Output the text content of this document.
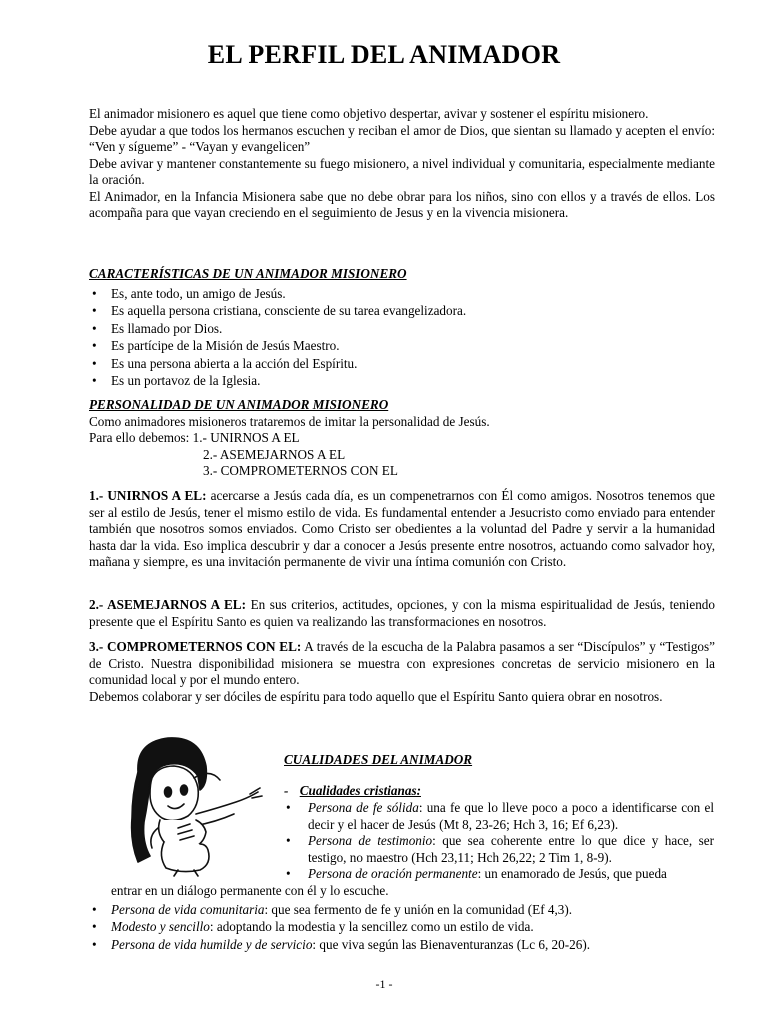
EL PERFIL DEL ANIMADOR

El animador misionero es aquel que tiene como objetivo despertar, avivar y sostener el espíritu misionero.

Debe ayudar a que todos los hermanos escuchen y reciban el amor de Dios, que sientan su llamado y acepten el envío: “Ven y sígueme” - “Vayan y evangelicen”

Debe avivar y mantener constantemente su fuego misionero, a nivel individual y comunitaria, especialmente mediante la oración.

El Animador, en la Infancia Misionera sabe que no debe obrar para los niños, sino con ellos y a través de ellos. Los acompaña para que vayan creciendo en el seguimiento de Jesus y en la vivencia misionera.

CARACTERÍSTICAS DE UN ANIMADOR MISIONERO
• Es, ante todo, un amigo de Jesús.
• Es aquella persona cristiana, consciente de su tarea evangelizadora.
• Es llamado por Dios.
• Es partícipe de la Misión de Jesús Maestro.
• Es una persona abierta a la acción del Espíritu.
• Es un portavoz de la Iglesia.
PERSONALIDAD DE UN ANIMADOR MISIONERO
Como animadores misioneros trataremos de imitar la personalidad de Jesús.
Para ello debemos: 1.- UNIRNOS A EL
2.- ASEMEJARNOS A EL
3.- COMPROMETERNOS CON EL

1.- UNIRNOS A EL: acercarse a Jesús cada día, es un compenetrarnos con Él como amigos. Nosotros tenemos que ser al estilo de Jesús, tener el mismo estilo de vida. Es fundamental entender a Jesucristo como enviado para entender también que nosotros somos enviados. Como Cristo ser obedientes a la voluntad del Padre y servir a la humanidad hasta dar la vida. Eso implica descubrir y dar a conocer a Jesús presente entre nosotros, actuando como salvador hoy, mañana y siempre, es una invitación permanente de vivir una íntima comunión con Cristo.

2.- ASEMEJARNOS A EL: En sus criterios, actitudes, opciones, y con la misma espiritualidad de Jesús, teniendo presente que el Espíritu Santo es quien va realizando las transformaciones en nosotros.

3.- COMPROMETERNOS CON EL: A través de la escucha de la Palabra pasamos a ser “Discípulos” y “Testigos” de Cristo. Nuestra disponibilidad misionera se muestra con expresiones concretas de servicio misionero en la comunidad local y por el mundo entero.

Debemos colaborar y ser dóciles de espíritu para todo aquello que el Espíritu Santo quiera obrar en nosotros.

CUALIDADES DEL ANIMADOR
- Cualidades cristianas:
• Persona de fe sólida: una fe que lo lleve poco a poco a identificarse con el decir y el hacer de Jesús (Mt 8, 23-26; Hch 3, 16; Ef 6,23).
• Persona de testimonio: que sea coherente entre lo que dice y hace, ser testigo, no maestro (Hch 23,11; Hch 26,22; 2 Tim 1, 8-9).
• Persona de oración permanente: un enamorado de Jesús, que pueda
entrar en un diálogo permanente con él y lo escuche.
• Persona de vida comunitaria: que sea fermento de fe y unión en la comunidad (Ef 4,3).
• Modesto y sencillo: adoptando la modestia y la sencillez como un estilo de vida.
• Persona de vida humilde y de servicio: que viva según las Bienaventuranzas (Lc 6, 20-26).
-1 -
